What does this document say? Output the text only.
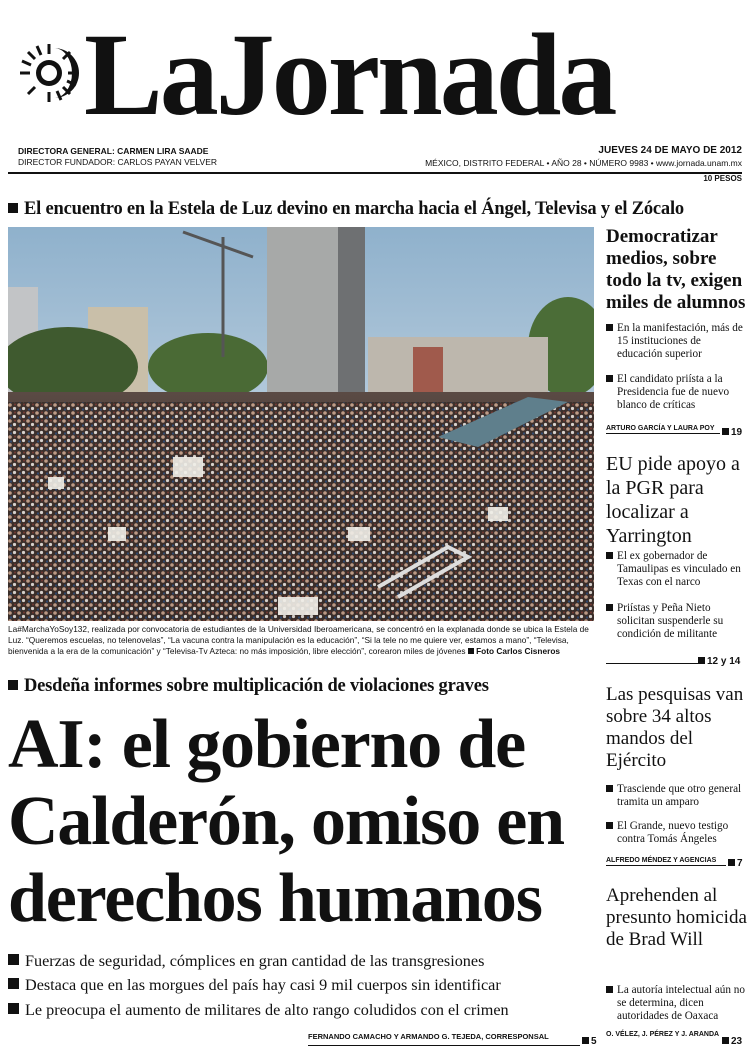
LaJornada
DIRECTORA GENERAL: CARMEN LIRA SAADE
DIRECTOR FUNDADOR: CARLOS PAYAN VELVER
JUEVES 24 DE MAYO DE 2012
MÉXICO, DISTRITO FEDERAL • AÑO 28 • NÚMERO 9983 • www.jornada.unam.mx
10 PESOS
El encuentro en la Estela de Luz devino en marcha hacia el Ángel, Televisa y el Zócalo
La#MarchaYoSoy132, realizada por convocatoria de estudiantes de la Universidad Iberoamericana, se concentró en la explanada donde se ubica la Estela de Luz. “Queremos escuelas, no telenovelas”, “La vacuna contra la manipulación es la educación”, “Si la tele no me quiere ver, estamos a mano”, “Televisa, bienvenida a la era de la comunicación” y “Televisa-Tv Azteca: no más imposición, libre elección”, corearon miles de jóvenes Foto Carlos Cisneros
Desdeña informes sobre multiplicación de violaciones graves
AI: el gobierno de
Calderón, omiso en
derechos humanos
Fuerzas de seguridad, cómplices en gran cantidad de las transgresiones
Destaca que en las morgues del país hay casi 9 mil cuerpos sin identificar
Le preocupa el aumento de militares de alto rango coludidos con el crimen
FERNANDO CAMACHO Y ARMANDO G. TEJEDA, CORRESPONSAL	5
Democratizar medios, sobre todo la tv, exigen miles de alumnos
En la manifestación, más de 15 instituciones de educación superior
El candidato priísta a la Presidencia fue de nuevo blanco de críticas
ARTURO GARCÍA Y LAURA POY	19
EU pide apoyo a la PGR para localizar a Yarrington
El ex gobernador de Tamaulipas es vinculado en Texas con el narco
Priístas y Peña Nieto solicitan suspenderle su condición de militante
12 y 14
Las pesquisas van sobre 34 altos mandos del Ejército
Trasciende que otro general tramita un amparo
El Grande, nuevo testigo contra Tomás Ángeles
ALFREDO MÉNDEZ Y AGENCIAS	7
Aprehenden al presunto homicida de Brad Will
La autoría intelectual aún no se determina, dicen autoridades de Oaxaca
O. VÉLEZ, J. PÉREZ Y J. ARANDA
23
